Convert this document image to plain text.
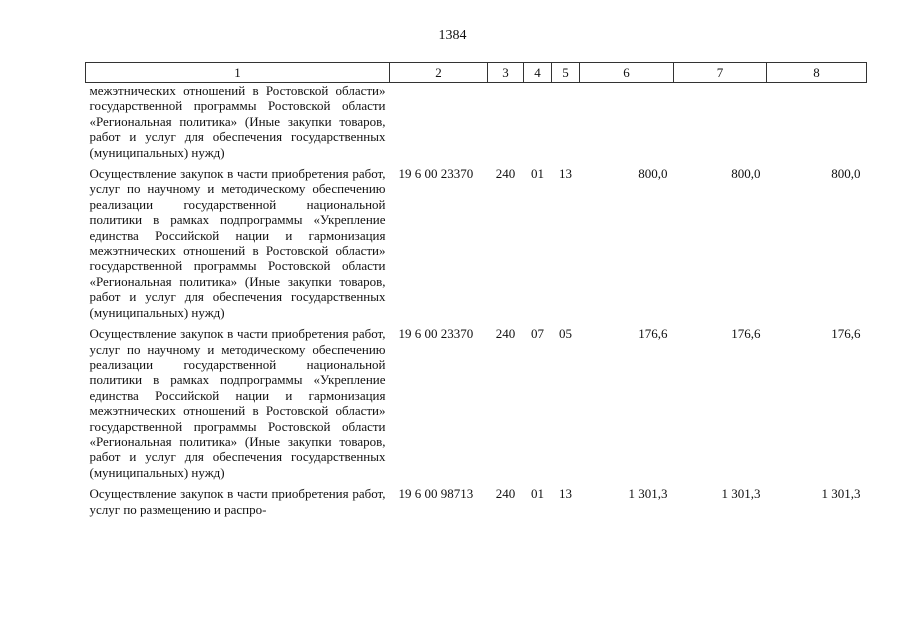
1384
1	2	3	4	5	6	7	8
межэтнических отношений в Ростовской области» государственной программы Ростовской области «Региональная политика» (Иные закупки товаров, работ и услуг для обеспечения государственных (муниципальных) нужд)							
Осуществление закупок в части приобретения работ, услуг по научному и методическому обеспечению реализации государственной национальной политики в рамках подпрограммы «Укрепление единства Российской нации и гармонизация межэтнических отношений в Ростовской области» государственной программы Ростовской области «Региональная политика» (Иные закупки товаров, работ и услуг для обеспечения государственных (муниципальных) нужд)	19 6 00 23370	240	01	13	800,0	800,0	800,0
Осуществление закупок в части приобретения работ, услуг по научному и методическому обеспечению реализации государственной национальной политики в рамках подпрограммы «Укрепление единства Российской нации и гармонизация межэтнических отношений в Ростовской области» государственной программы Ростовской области «Региональная политика» (Иные закупки товаров, работ и услуг для обеспечения государственных (муниципальных) нужд)	19 6 00 23370	240	07	05	176,6	176,6	176,6
Осуществление закупок в части приобретения работ, услуг по размещению и распро-	19 6 00 98713	240	01	13	1 301,3	1 301,3	1 301,3
